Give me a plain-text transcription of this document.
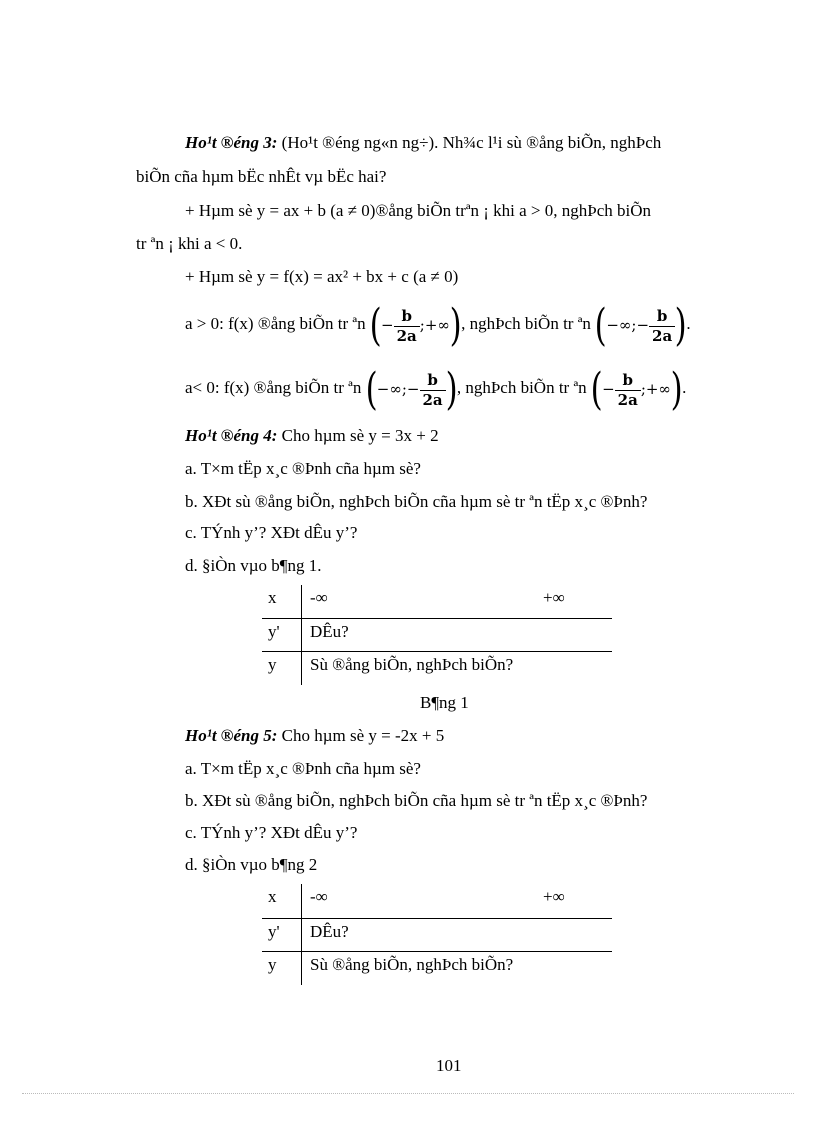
Ho¹t ®éng 3: (Ho¹t ®éng ng«n ng÷). Nh¾c l¹i sù ®ång biÕn, nghÞch
biÕn cña hµm bËc nhÊt vµ bËc hai?
+ Hµm sè y = ax + b (a ≠ 0)®ång biÕn trªn ¡ khi a > 0, nghÞch biÕn
tr ªn ¡ khi a < 0.
+ Hµm sè y = f(x) = ax² + bx + c (a ≠ 0)
a > 0: f(x) ®ång biÕn tr ªn (− $\frac{b}{2a}$ ;+∞), nghÞch biÕn tr ªn (−∞;− $\frac{b}{2a}$ ).
a< 0: f(x) ®ång biÕn tr ªn (−∞;− $\frac{b}{2a}$ ), nghÞch biÕn tr ªn (− $\frac{b}{2a}$ ;+∞).
Ho¹t ®éng 4: Cho hµm sè y = 3x + 2
a. T×m tËp x¸c ®Þnh cña hµm sè?
b. XÐt sù ®ång biÕn, nghÞch biÕn cña hµm sè tr ªn tËp x¸c ®Þnh?
c. TÝnh y’? XÐt dÊu y’?
d. §iÒn vµo b¶ng 1.
x -∞	+∞
y' DÊu?
y Sù ®ång biÕn, nghÞch biÕn?
B¶ng 1
Ho¹t ®éng 5: Cho hµm sè y = -2x + 5
a. T×m tËp x¸c ®Þnh cña hµm sè?
b. XÐt sù ®ång biÕn, nghÞch biÕn cña hµm sè tr ªn tËp x¸c ®Þnh?
c. TÝnh y’? XÐt dÊu y’?
d. §iÒn vµo b¶ng 2
x -∞	+∞
y' DÊu?
y Sù ®ång biÕn, nghÞch biÕn?
101
